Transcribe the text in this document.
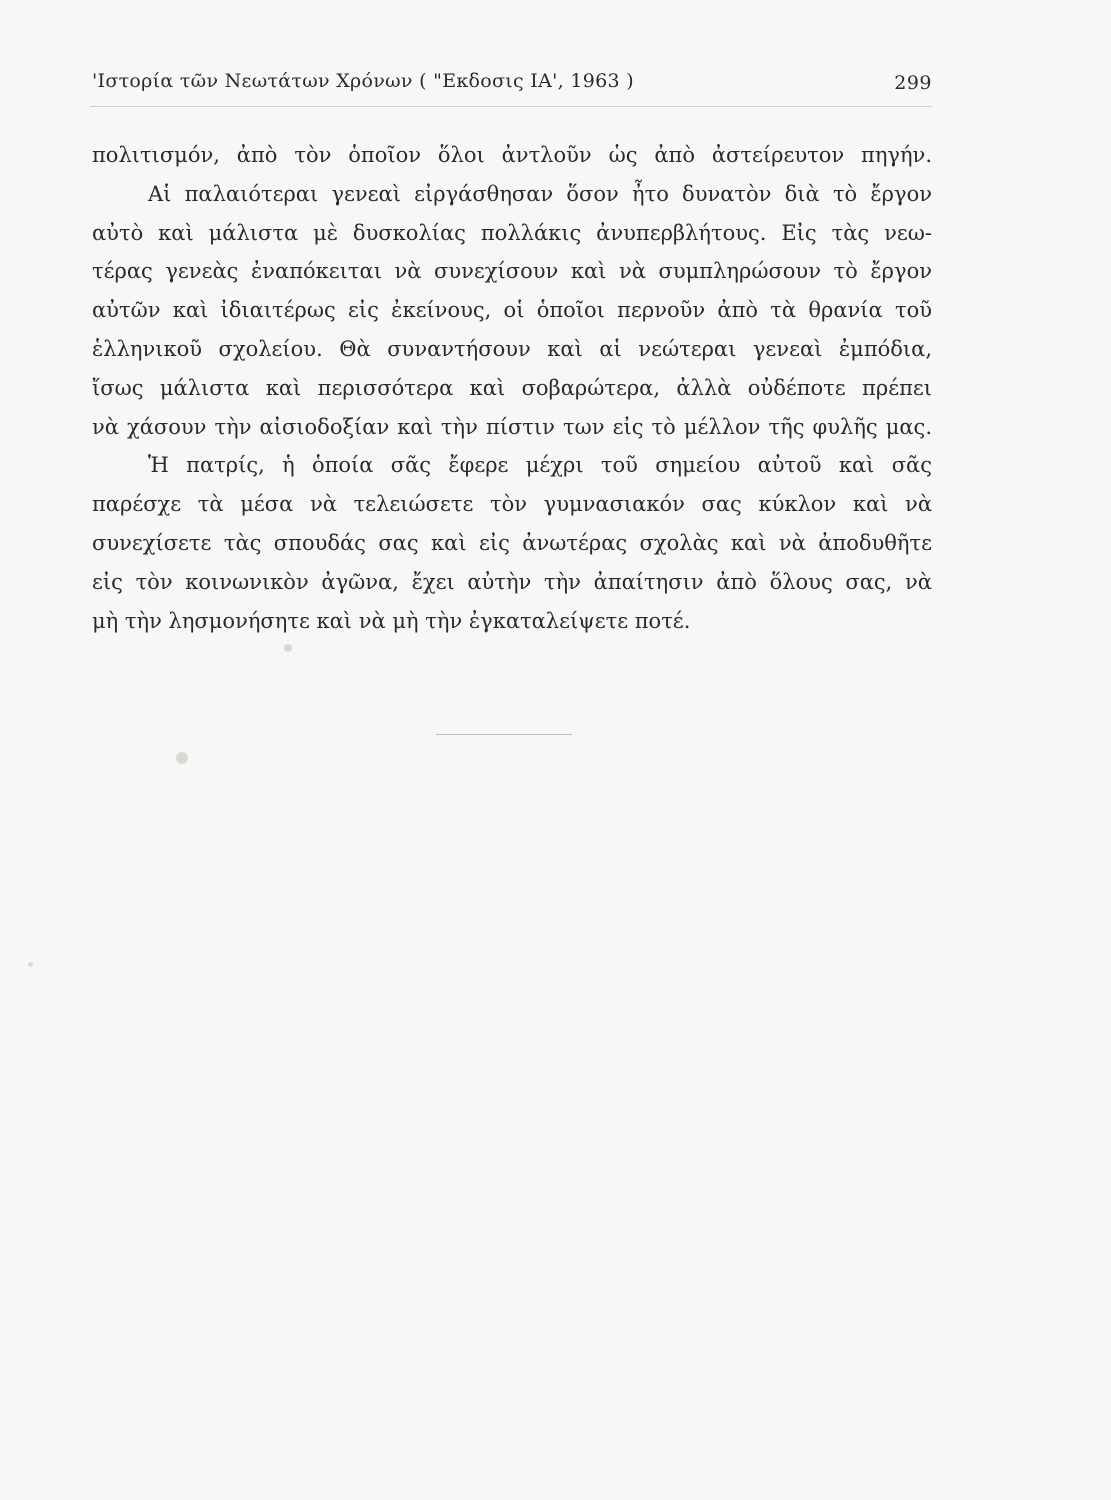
'Ιστορία τῶν Νεωτάτων Χρόνων ( "Εκδοσις ΙΑ', 1963 )	299
πολιτισμόν, ἀπὸ τὸν ὁποῖον ὅλοι ἀντλοῦν ὡς ἀπὸ ἀστείρευτον πηγήν.
Αἱ παλαιότεραι γενεαὶ εἰργάσθησαν ὅσον ἦτο δυνατὸν διὰ τὸ ἔργον
αὐτὸ καὶ μάλιστα μὲ δυσκολίας πολλάκις ἀνυπερβλήτους. Εἰς τὰς νεω-
τέρας γενεὰς ἐναπόκειται νὰ συνεχίσουν καὶ νὰ συμπληρώσουν τὸ ἔργον
αὐτῶν καὶ ἰδιαιτέρως εἰς ἐκείνους, οἱ ὁποῖοι περνοῦν ἀπὸ τὰ θρανία τοῦ
ἑλληνικοῦ σχολείου. Θὰ συναντήσουν καὶ αἱ νεώτεραι γενεαὶ ἐμπόδια,
ἴσως μάλιστα καὶ περισσότερα καὶ σοβαρώτερα, ἀλλὰ οὐδέποτε πρέπει
νὰ χάσουν τὴν αἰσιοδοξίαν καὶ τὴν πίστιν των εἰς τὸ μέλλον τῆς φυλῆς μας.
Ἡ πατρίς, ἡ ὁποία σᾶς ἔφερε μέχρι τοῦ σημείου αὐτοῦ καὶ σᾶς
παρέσχε τὰ μέσα νὰ τελειώσετε τὸν γυμνασιακόν σας κύκλον καὶ νὰ
συνεχίσετε τὰς σπουδάς σας καὶ εἰς ἀνωτέρας σχολὰς καὶ νὰ ἀποδυθῆτε
εἰς τὸν κοινωνικὸν ἀγῶνα, ἔχει αὐτὴν τὴν ἀπαίτησιν ἀπὸ ὅλους σας, νὰ
μὴ τὴν λησμονήσητε καὶ νὰ μὴ τὴν ἐγκαταλείψετε ποτέ.
